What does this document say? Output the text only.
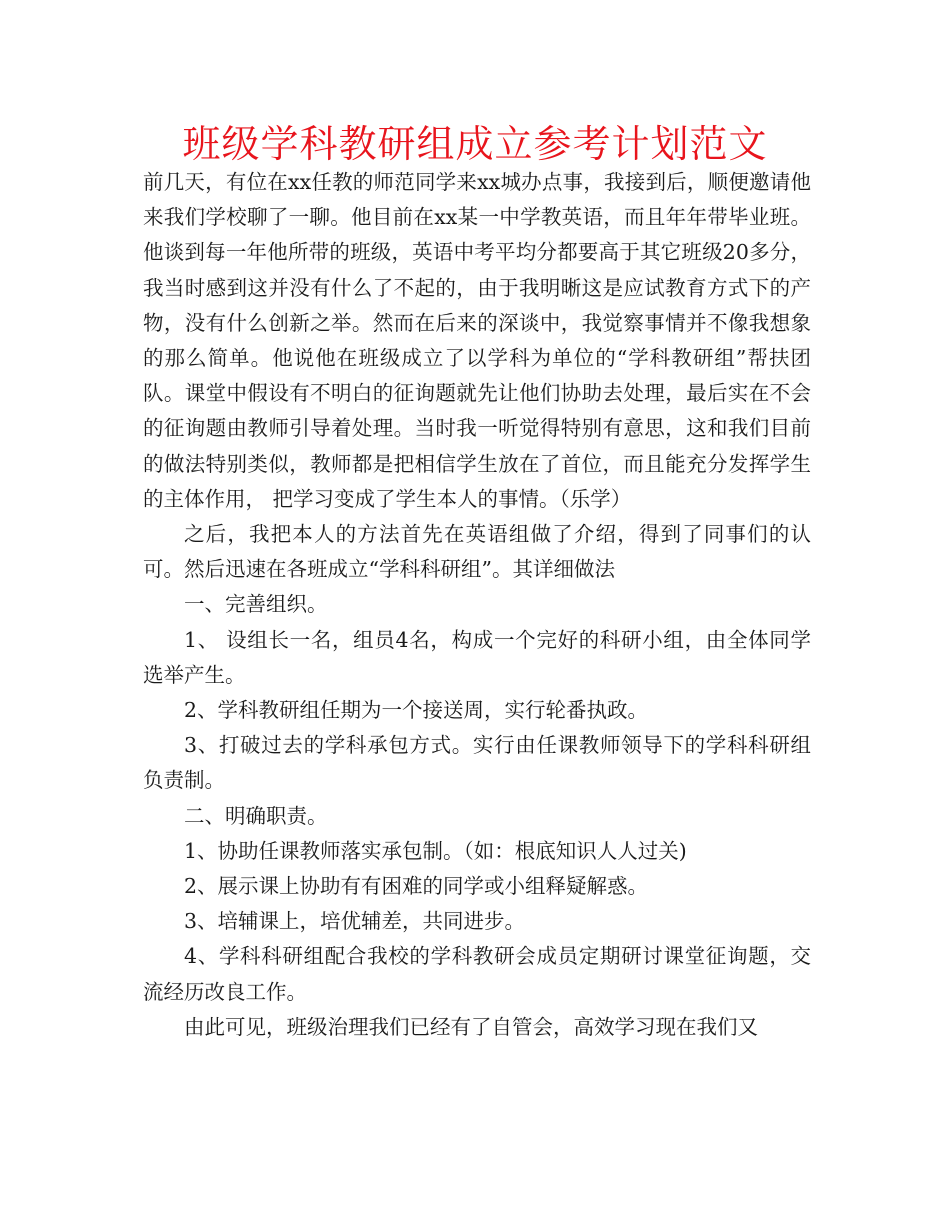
班级学科教研组成立参考计划范文

前几天，有位在xx任教的师范同学来xx城办点事，我接到后，顺便邀请他来我们学校聊了一聊。他目前在xx某一中学教英语，而且年年带毕业班。他谈到每一年他所带的班级，英语中考平均分都要高于其它班级20多分，我当时感到这并没有什么了不起的，由于我明晰这是应试教育方式下的产物，没有什么创新之举。然而在后来的深谈中，我觉察事情并不像我想象的那么简单。他说他在班级成立了以学科为单位的“学科教研组”帮扶团队。课堂中假设有不明白的征询题就先让他们协助去处理，最后实在不会的征询题由教师引导着处理。当时我一听觉得特别有意思，这和我们目前的做法特别类似，教师都是把相信学生放在了首位，而且能充分发挥学生的主体作用， 把学习变成了学生本人的事情。（乐学）

之后，我把本人的方法首先在英语组做了介绍，得到了同事们的认可。然后迅速在各班成立“学科科研组”。其详细做法

一、完善组织。

1、 设组长一名，组员4名，构成一个完好的科研小组，由全体同学选举产生。

2、学科教研组任期为一个接送周，实行轮番执政。

3、打破过去的学科承包方式。实行由任课教师领导下的学科科研组负责制。

二、明确职责。

1、协助任课教师落实承包制。（如：根底知识人人过关)

2、展示课上协助有有困难的同学或小组释疑解惑。

3、培辅课上，培优辅差，共同进步。

4、学科科研组配合我校的学科教研会成员定期研讨课堂征询题，交流经历改良工作。

由此可见，班级治理我们已经有了自管会，高效学习现在我们又
